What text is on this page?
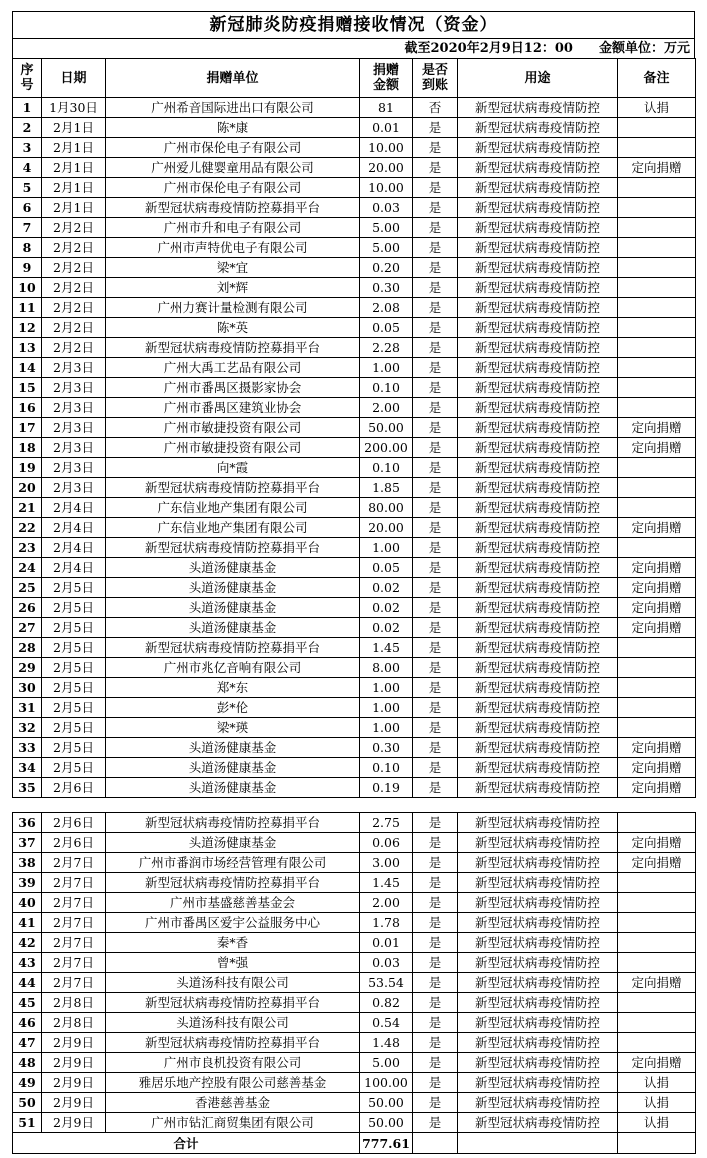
新冠肺炎防疫捐赠接收情况（资金）
截至2020年2月9日12：00 金额单位：万元
序号	日期	捐赠单位	捐赠金额	是否到账	用途	备注
1	1月30日	广州希音国际进出口有限公司	81	否	新型冠状病毒疫情防控	认捐
2	2月1日	陈*康	0.01	是	新型冠状病毒疫情防控	
3	2月1日	广州市保伦电子有限公司	10.00	是	新型冠状病毒疫情防控	
4	2月1日	广州爱儿健婴童用品有限公司	20.00	是	新型冠状病毒疫情防控	定向捐赠
5	2月1日	广州市保伦电子有限公司	10.00	是	新型冠状病毒疫情防控	
6	2月1日	新型冠状病毒疫情防控募捐平台	0.03	是	新型冠状病毒疫情防控	
7	2月2日	广州市升和电子有限公司	5.00	是	新型冠状病毒疫情防控	
8	2月2日	广州市声特优电子有限公司	5.00	是	新型冠状病毒疫情防控	
9	2月2日	梁*宜	0.20	是	新型冠状病毒疫情防控	
10	2月2日	刘*辉	0.30	是	新型冠状病毒疫情防控	
11	2月2日	广州力赛计量检测有限公司	2.08	是	新型冠状病毒疫情防控	
12	2月2日	陈*英	0.05	是	新型冠状病毒疫情防控	
13	2月2日	新型冠状病毒疫情防控募捐平台	2.28	是	新型冠状病毒疫情防控	
14	2月3日	广州大禹工艺品有限公司	1.00	是	新型冠状病毒疫情防控	
15	2月3日	广州市番禺区摄影家协会	0.10	是	新型冠状病毒疫情防控	
16	2月3日	广州市番禺区建筑业协会	2.00	是	新型冠状病毒疫情防控	
17	2月3日	广州市敏捷投资有限公司	50.00	是	新型冠状病毒疫情防控	定向捐赠
18	2月3日	广州市敏捷投资有限公司	200.00	是	新型冠状病毒疫情防控	定向捐赠
19	2月3日	向*霞	0.10	是	新型冠状病毒疫情防控	
20	2月3日	新型冠状病毒疫情防控募捐平台	1.85	是	新型冠状病毒疫情防控	
21	2月4日	广东信业地产集团有限公司	80.00	是	新型冠状病毒疫情防控	
22	2月4日	广东信业地产集团有限公司	20.00	是	新型冠状病毒疫情防控	定向捐赠
23	2月4日	新型冠状病毒疫情防控募捐平台	1.00	是	新型冠状病毒疫情防控	
24	2月4日	头道汤健康基金	0.05	是	新型冠状病毒疫情防控	定向捐赠
25	2月5日	头道汤健康基金	0.02	是	新型冠状病毒疫情防控	定向捐赠
26	2月5日	头道汤健康基金	0.02	是	新型冠状病毒疫情防控	定向捐赠
27	2月5日	头道汤健康基金	0.02	是	新型冠状病毒疫情防控	定向捐赠
28	2月5日	新型冠状病毒疫情防控募捐平台	1.45	是	新型冠状病毒疫情防控	
29	2月5日	广州市兆亿音响有限公司	8.00	是	新型冠状病毒疫情防控	
30	2月5日	郑*东	1.00	是	新型冠状病毒疫情防控	
31	2月5日	彭*伦	1.00	是	新型冠状病毒疫情防控	
32	2月5日	梁*瑛	1.00	是	新型冠状病毒疫情防控	
33	2月5日	头道汤健康基金	0.30	是	新型冠状病毒疫情防控	定向捐赠
34	2月5日	头道汤健康基金	0.10	是	新型冠状病毒疫情防控	定向捐赠
35	2月6日	头道汤健康基金	0.19	是	新型冠状病毒疫情防控	定向捐赠

36	2月6日	新型冠状病毒疫情防控募捐平台	2.75	是	新型冠状病毒疫情防控	
37	2月6日	头道汤健康基金	0.06	是	新型冠状病毒疫情防控	定向捐赠
38	2月7日	广州市番润市场经营管理有限公司	3.00	是	新型冠状病毒疫情防控	定向捐赠
39	2月7日	新型冠状病毒疫情防控募捐平台	1.45	是	新型冠状病毒疫情防控	
40	2月7日	广州市基盛慈善基金会	2.00	是	新型冠状病毒疫情防控	
41	2月7日	广州市番禺区爱宇公益服务中心	1.78	是	新型冠状病毒疫情防控	
42	2月7日	秦*香	0.01	是	新型冠状病毒疫情防控	
43	2月7日	曾*强	0.03	是	新型冠状病毒疫情防控	
44	2月7日	头道汤科技有限公司	53.54	是	新型冠状病毒疫情防控	定向捐赠
45	2月8日	新型冠状病毒疫情防控募捐平台	0.82	是	新型冠状病毒疫情防控	
46	2月8日	头道汤科技有限公司	0.54	是	新型冠状病毒疫情防控	
47	2月9日	新型冠状病毒疫情防控募捐平台	1.48	是	新型冠状病毒疫情防控	
48	2月9日	广州市良机投资有限公司	5.00	是	新型冠状病毒疫情防控	定向捐赠
49	2月9日	雅居乐地产控股有限公司慈善基金	100.00	是	新型冠状病毒疫情防控	认捐
50	2月9日	香港慈善基金	50.00	是	新型冠状病毒疫情防控	认捐
51	2月9日	广州市钻汇商贸集团有限公司	50.00	是	新型冠状病毒疫情防控	认捐
合计			777.61			
